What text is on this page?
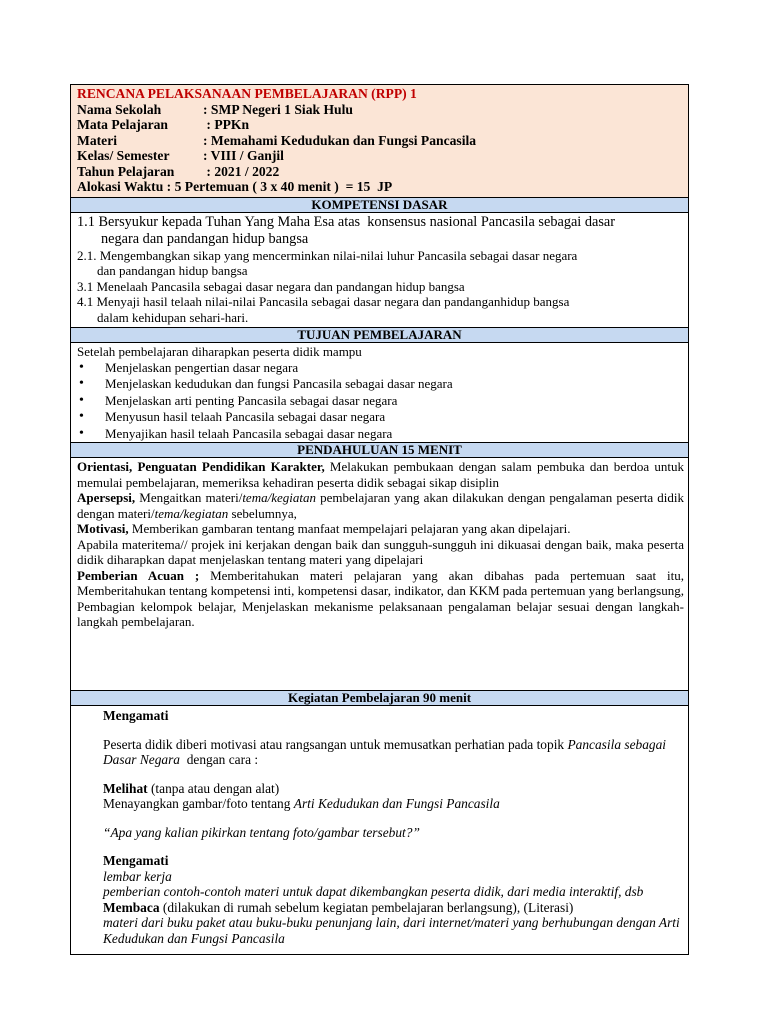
RENCANA PELAKSANAAN PEMBELAJARAN (RPP) 1
Nama Sekolah	: SMP Negeri 1 Siak Hulu
Mata Pelajaran	: PPKn
Materi	: Memahami Kedudukan dan Fungsi Pancasila
Kelas/ Semester	: VIII / Ganjil
Tahun Pelajaran	: 2021 / 2022
Alokasi Waktu : 5 Pertemuan ( 3 x 40 menit )  = 15  JP
KOMPETENSI DASAR
1.1 Bersyukur kepada Tuhan Yang Maha Esa atas  konsensus nasional Pancasila sebagai dasar
negara dan pandangan hidup bangsa
2.1. Mengembangkan sikap yang mencerminkan nilai-nilai luhur Pancasila sebagai dasar negara
dan pandangan hidup bangsa
3.1 Menelaah Pancasila sebagai dasar negara dan pandangan hidup bangsa
4.1 Menyaji hasil telaah nilai-nilai Pancasila sebagai dasar negara dan pandanganhidup bangsa
dalam kehidupan sehari-hari.
TUJUAN PEMBELAJARAN
Setelah pembelajaran diharapkan peserta didik mampu
• Menjelaskan pengertian dasar negara
• Menjelaskan kedudukan dan fungsi Pancasila sebagai dasar negara
• Menjelaskan arti penting Pancasila sebagai dasar negara
• Menyusun hasil telaah Pancasila sebagai dasar negara
• Menyajikan hasil telaah Pancasila sebagai dasar negara
PENDAHULUAN 15 MENIT
Orientasi, Penguatan Pendidikan Karakter, Melakukan pembukaan dengan salam pembuka dan berdoa untuk memulai pembelajaran, memeriksa kehadiran peserta didik sebagai sikap disiplin
Apersepsi, Mengaitkan materi/tema/kegiatan pembelajaran yang akan dilakukan dengan pengalaman peserta didik dengan materi/tema/kegiatan sebelumnya,
Motivasi, Memberikan gambaran tentang manfaat mempelajari pelajaran yang akan dipelajari.
Apabila materitema// projek ini kerjakan dengan baik dan sungguh-sungguh ini dikuasai dengan baik, maka peserta didik diharapkan dapat menjelaskan tentang materi yang dipelajari
Pemberian Acuan ; Memberitahukan materi pelajaran yang akan dibahas pada pertemuan saat itu, Memberitahukan tentang kompetensi inti, kompetensi dasar, indikator, dan KKM pada pertemuan yang berlangsung, Pembagian kelompok belajar, Menjelaskan mekanisme pelaksanaan pengalaman belajar sesuai dengan langkah-langkah pembelajaran.
Kegiatan Pembelajaran 90 menit
Mengamati
Peserta didik diberi motivasi atau rangsangan untuk memusatkan perhatian pada topik Pancasila sebagai Dasar Negara  dengan cara :
Melihat (tanpa atau dengan alat)
Menayangkan gambar/foto tentang Arti Kedudukan dan Fungsi Pancasila
“Apa yang kalian pikirkan tentang foto/gambar tersebut?”
Mengamati
lembar kerja
pemberian contoh-contoh materi untuk dapat dikembangkan peserta didik, dari media interaktif, dsb
Membaca (dilakukan di rumah sebelum kegiatan pembelajaran berlangsung), (Literasi)
materi dari buku paket atau buku-buku penunjang lain, dari internet/materi yang berhubungan dengan Arti Kedudukan dan Fungsi Pancasila
